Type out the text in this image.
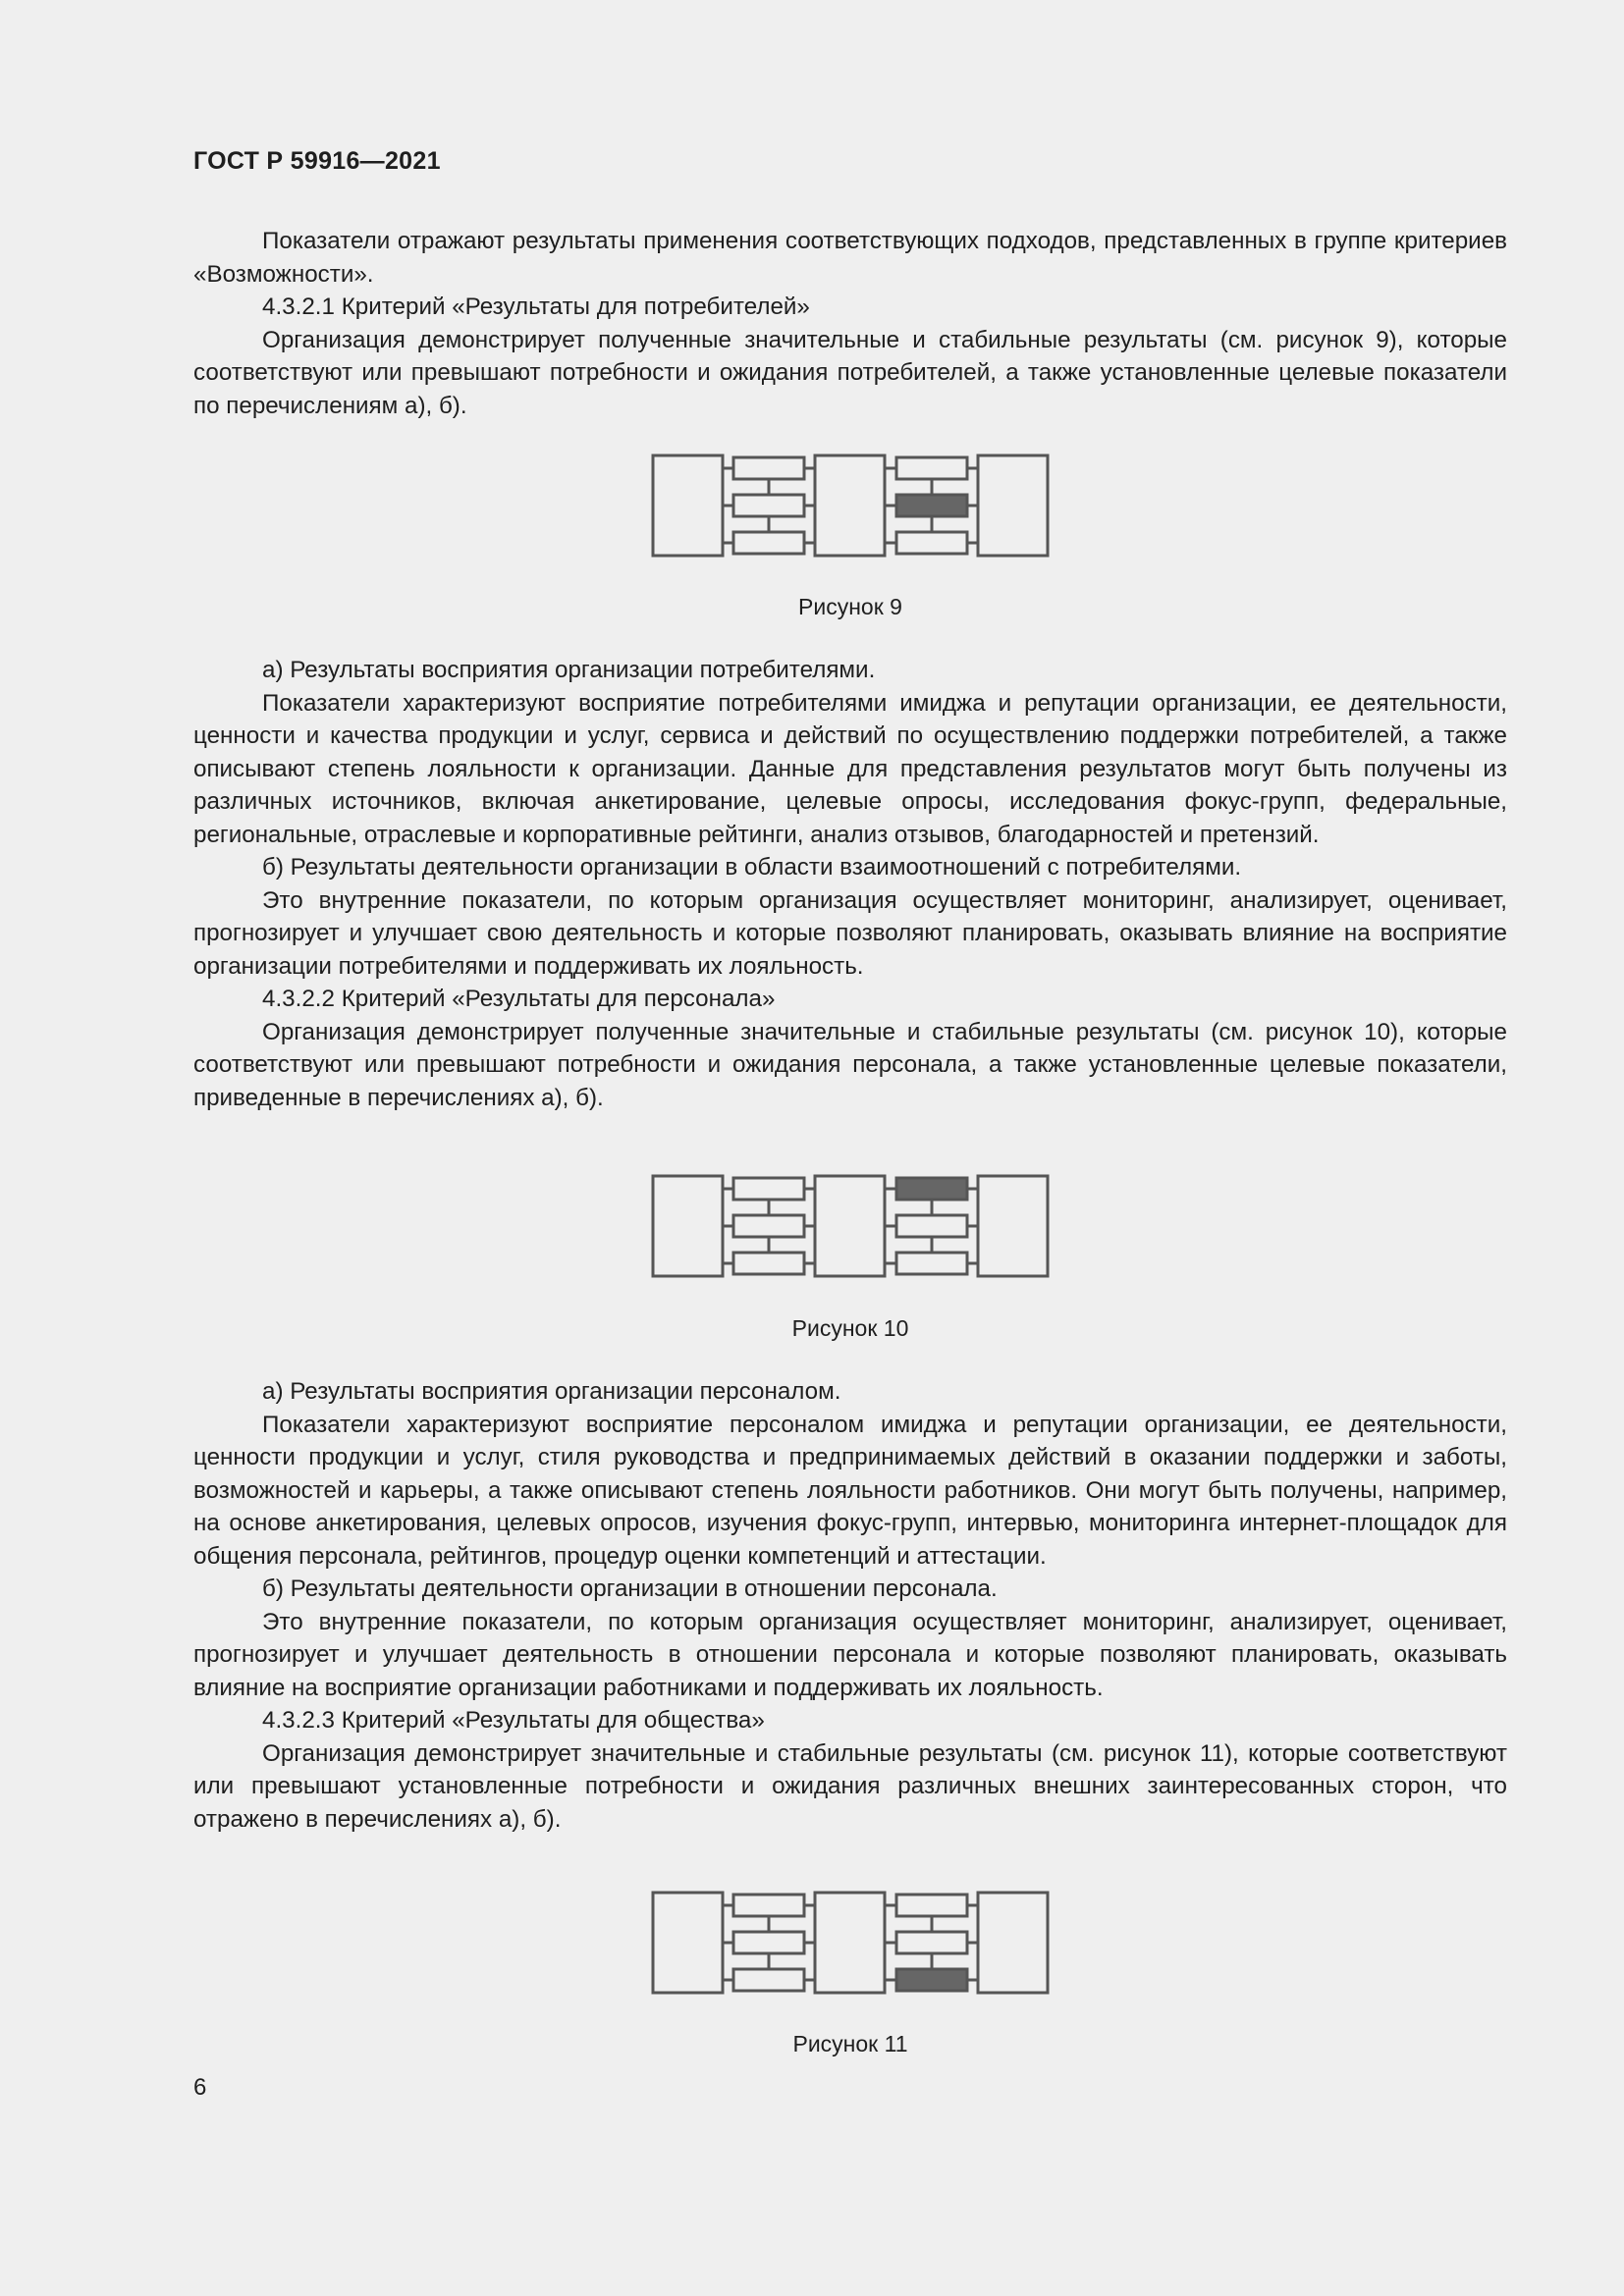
ГОСТ Р 59916—2021

Показатели отражают результаты применения соответствующих подходов, представленных в группе критериев «Возможности».

4.3.2.1 Критерий «Результаты для потребителей»

Организация демонстрирует полученные значительные и стабильные результаты (см. рисунок 9), которые соответствуют или превышают потребности и ожидания потребителей, а также установленные целевые показатели по перечислениям а), б).

Рисунок 9

а) Результаты восприятия организации потребителями.

Показатели характеризуют восприятие потребителями имиджа и репутации организации, ее деятельности, ценности и качества продукции и услуг, сервиса и действий по осуществлению поддержки потребителей, а также описывают степень лояльности к организации. Данные для представления результатов могут быть получены из различных источников, включая анкетирование, целевые опросы, исследования фокус-групп, федеральные, региональные, отраслевые и корпоративные рейтинги, анализ отзывов, благодарностей и претензий.

б) Результаты деятельности организации в области взаимоотношений с потребителями.

Это внутренние показатели, по которым организация осуществляет мониторинг, анализирует, оценивает, прогнозирует и улучшает свою деятельность и которые позволяют планировать, оказывать влияние на восприятие организации потребителями и поддерживать их лояльность.

4.3.2.2 Критерий «Результаты для персонала»

Организация демонстрирует полученные значительные и стабильные результаты (см. рисунок 10), которые соответствуют или превышают потребности и ожидания персонала, а также установленные целевые показатели, приведенные в перечислениях а), б).

Рисунок 10

а) Результаты восприятия организации персоналом.

Показатели характеризуют восприятие персоналом имиджа и репутации организации, ее деятельности, ценности продукции и услуг, стиля руководства и предпринимаемых действий в оказании поддержки и заботы, возможностей и карьеры, а также описывают степень лояльности работников. Они могут быть получены, например, на основе анкетирования, целевых опросов, изучения фокус-групп, интервью, мониторинга интернет-площадок для общения персонала, рейтингов, процедур оценки компетенций и аттестации.

б) Результаты деятельности организации в отношении персонала.

Это внутренние показатели, по которым организация осуществляет мониторинг, анализирует, оценивает, прогнозирует и улучшает деятельность в отношении персонала и которые позволяют планировать, оказывать влияние на восприятие организации работниками и поддерживать их лояльность.

4.3.2.3 Критерий «Результаты для общества»

Организация демонстрирует значительные и стабильные результаты (см. рисунок 11), которые соответствуют или превышают установленные потребности и ожидания различных внешних заинтересованных сторон, что отражено в перечислениях а), б).

Рисунок 11
6
